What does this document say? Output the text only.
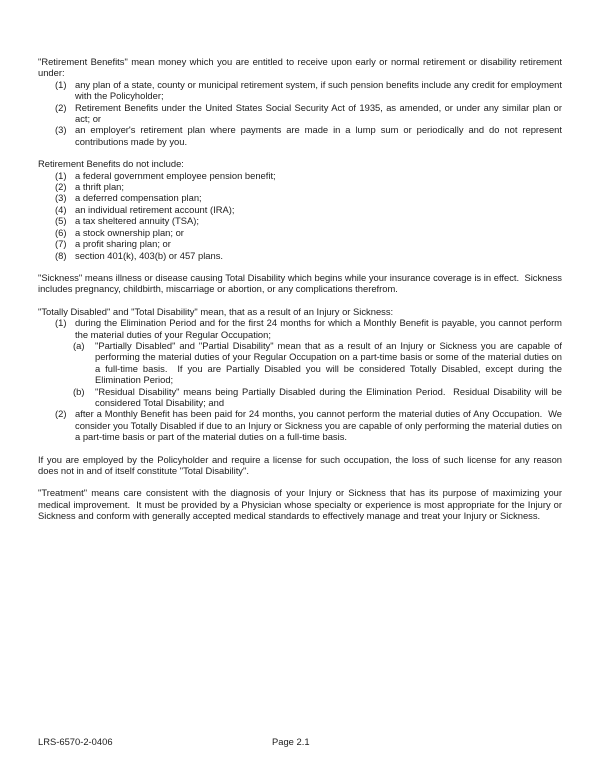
"Retirement Benefits" mean money which you are entitled to receive upon early or normal retirement or disability retirement under:
(1) any plan of a state, county or municipal retirement system, if such pension benefits include any credit for employment with the Policyholder;
(2) Retirement Benefits under the United States Social Security Act of 1935, as amended, or under any similar plan or act; or
(3) an employer's retirement plan where payments are made in a lump sum or periodically and do not represent contributions made by you.
Retirement Benefits do not include:
(1) a federal government employee pension benefit;
(2) a thrift plan;
(3) a deferred compensation plan;
(4) an individual retirement account (IRA);
(5) a tax sheltered annuity (TSA);
(6) a stock ownership plan; or
(7) a profit sharing plan; or
(8) section 401(k), 403(b) or 457 plans.
"Sickness" means illness or disease causing Total Disability which begins while your insurance coverage is in effect.  Sickness includes pregnancy, childbirth, miscarriage or abortion, or any complications therefrom.
"Totally Disabled" and "Total Disability" mean, that as a result of an Injury or Sickness:
(1) during the Elimination Period and for the first 24 months for which a Monthly Benefit is payable, you cannot perform the material duties of your Regular Occupation;
(a) "Partially Disabled" and "Partial Disability" mean that as a result of an Injury or Sickness you are capable of performing the material duties of your Regular Occupation on a part-time basis or some of the material duties on a full-time basis.  If you are Partially Disabled you will be considered Totally Disabled, except during the Elimination Period;
(b) "Residual Disability" means being Partially Disabled during the Elimination Period.  Residual Disability will be considered Total Disability; and
(2) after a Monthly Benefit has been paid for 24 months, you cannot perform the material duties of Any Occupation.  We consider you Totally Disabled if due to an Injury or Sickness you are capable of only performing the material duties on a part-time basis or part of the material duties on a full-time basis.
If you are employed by the Policyholder and require a license for such occupation, the loss of such license for any reason does not in and of itself constitute "Total Disability".
"Treatment" means care consistent with the diagnosis of your Injury or Sickness that has its purpose of maximizing your medical improvement.  It must be provided by a Physician whose specialty or experience is most appropriate for the Injury or Sickness and conform with generally accepted medical standards to effectively manage and treat your Injury or Sickness.
LRS-6570-2-0406	Page 2.1
